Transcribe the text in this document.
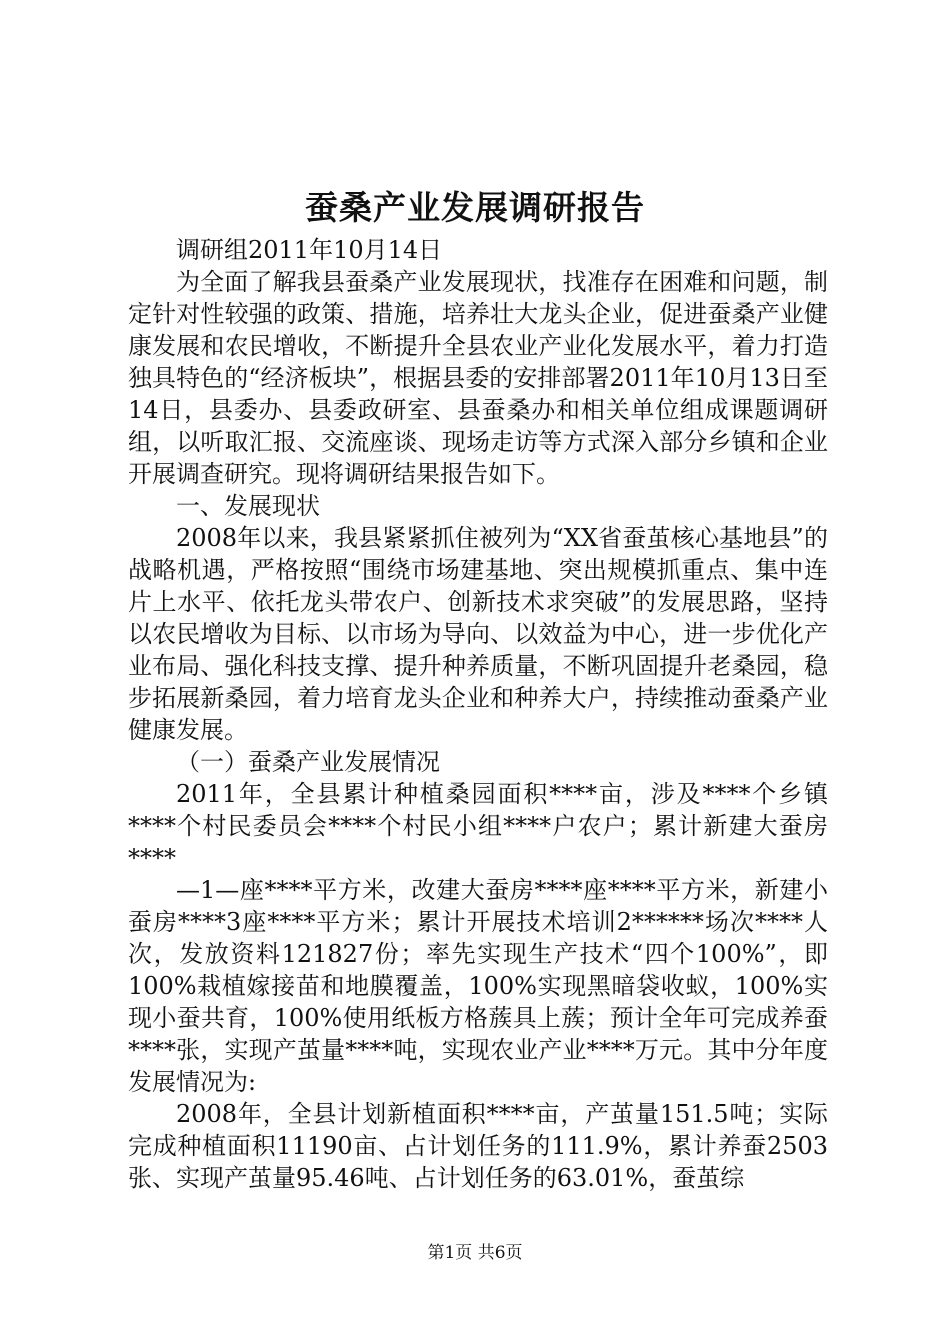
蚕桑产业发展调研报告

调研组2011年10月14日

为全面了解我县蚕桑产业发展现状，找准存在困难和问题，制定针对性较强的政策、措施，培养壮大龙头企业，促进蚕桑产业健康发展和农民增收，不断提升全县农业产业化发展水平，着力打造独具特色的“经济板块”，根据县委的安排部署2011年10月13日至14日，县委办、县委政研室、县蚕桑办和相关单位组成课题调研组，以听取汇报、交流座谈、现场走访等方式深入部分乡镇和企业开展调查研究。现将调研结果报告如下。

一、发展现状

2008年以来，我县紧紧抓住被列为“XX省蚕茧核心基地县”的战略机遇，严格按照“围绕市场建基地、突出规模抓重点、集中连片上水平、依托龙头带农户、创新技术求突破”的发展思路，坚持以农民增收为目标、以市场为导向、以效益为中心，进一步优化产业布局、强化科技支撑、提升种养质量，不断巩固提升老桑园，稳步拓展新桑园，着力培育龙头企业和种养大户，持续推动蚕桑产业健康发展。

（一）蚕桑产业发展情况

2011年，全县累计种植桑园面积****亩，涉及****个乡镇****个村民委员会****个村民小组****户农户；累计新建大蚕房****

—1—座****平方米，改建大蚕房****座****平方米，新建小蚕房****3座****平方米；累计开展技术培训2******场次****人次，发放资料121827份；率先实现生产技术“四个100%”，即100%栽植嫁接苗和地膜覆盖，100%实现黑暗袋收蚁，100%实现小蚕共育，100%使用纸板方格蔟具上蔟；预计全年可完成养蚕****张，实现产茧量****吨，实现农业产业****万元。其中分年度发展情况为:

2008年，全县计划新植面积****亩，产茧量151.5吨；实际完成种植面积11190亩、占计划任务的111.9%，累计养蚕2503张、实现产茧量95.46吨、占计划任务的63.01%，蚕茧综

第1页 共6页
